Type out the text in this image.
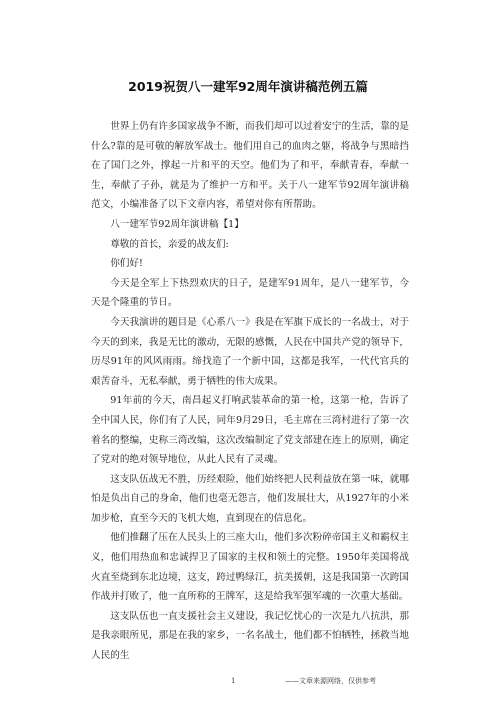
2019祝贺八一建军92周年演讲稿范例五篇

世界上仍有许多国家战争不断，而我们却可以过着安宁的生活，靠的是什么?靠的是可敬的解放军战士。他们用自己的血肉之躯，将战争与黑暗挡在了国门之外，撑起一片和平的天空。他们为了和平，奉献青春，奉献一生，奉献了子孙，就是为了维护一方和平。关于八一建军节92周年演讲稿范文，小编准备了以下文章内容，希望对你有所帮助。

八一建军节92周年演讲稿【1】

尊敬的首长，亲爱的战友们:

你们好!

今天是全军上下热烈欢庆的日子，是建军91周年，是八一建军节，今天是个隆重的节日。

今天我演讲的题目是《心系八一》我是在军旗下成长的一名战士，对于今天的到来，我是无比的激动，无限的感慨，人民在中国共产党的领导下，历尽91年的风风雨雨。缔找造了一个新中国，这都是我军，一代代官兵的艰苦奋斗，无私奉献，勇于牺牲的伟大成果。

91年前的今天，南昌起义打响武装革命的第一枪，这第一枪，告诉了全中国人民，你们有了人民，同年9月29日，毛主席在三湾村进行了第一次着名的整编，史称三湾改编，这次改编制定了党支部建在连上的原则，确定了党对的绝对领导地位，从此人民有了灵魂。

这支队伍战无不胜，历经艰险，他们始终把人民利益放在第一味，就哪怕是负出自己的身命，他们也毫无怨言，他们发展壮大，从1927年的小米加步枪，直至今天的飞机大炮，直到现在的信息化。

他们推翻了压在人民头上的三座大山，他们多次粉碎帝国主义和霸权主义，他们用热血和忠诚捍卫了国家的主权和领土的完整。1950年美国将战火直至烧到东北边境，这支，跨过鸭绿江，抗美援朝，这是我国第一次跨国作战并打败了，他一直所称的王牌军，这是给我军强军魂的一次重大基础。

这支队伍也一直支援社会主义建设，我记忆忧心的一次是九八抗洪，那是我亲眼所见，那是在我的家乡，一名名战士，他们都不怕牺牲，拯救当地人民的生

1	——文章来源网络，仅供参考
